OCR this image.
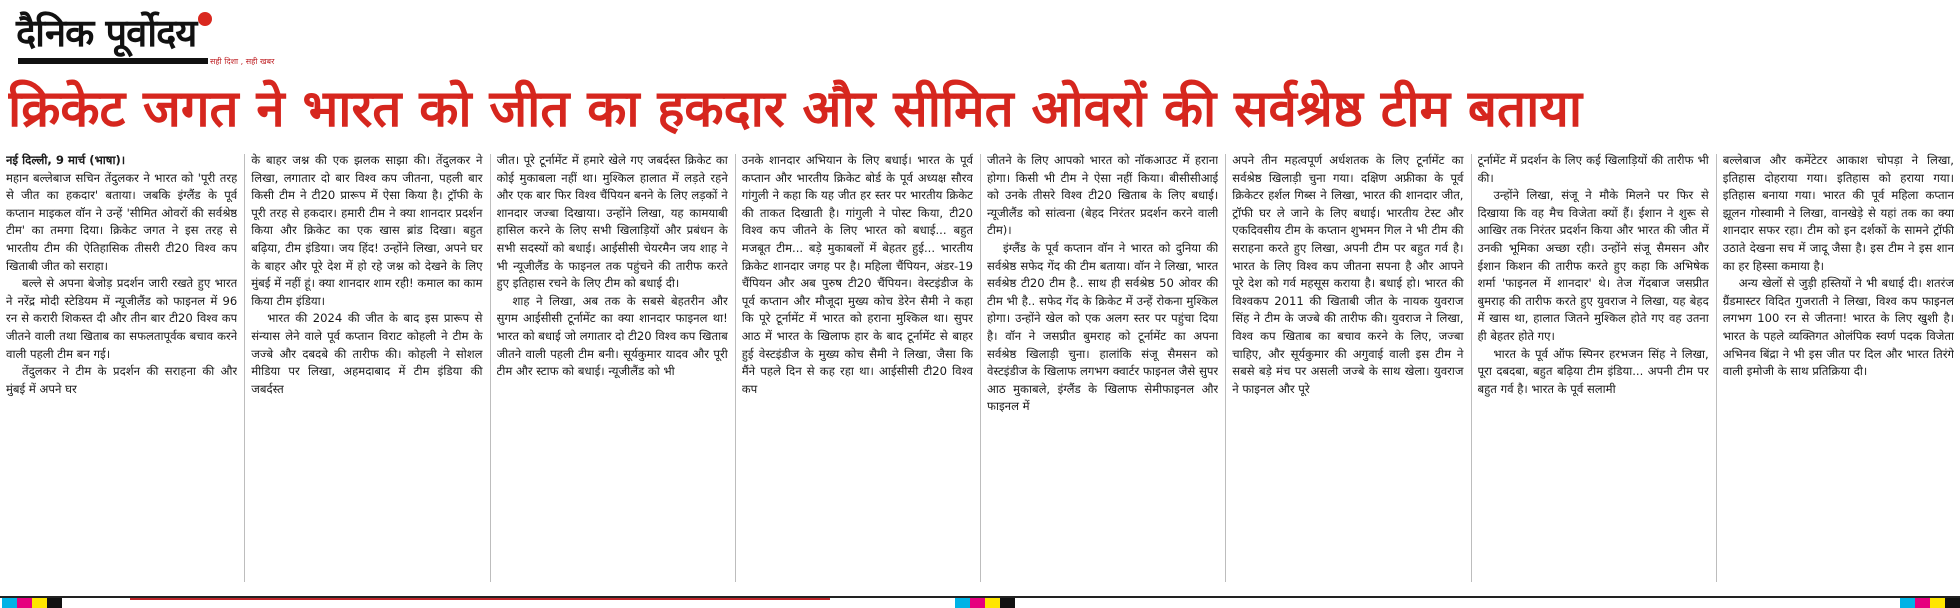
दैनिक पूर्वोदय
सही दिशा , सही खबर
क्रिकेट जगत ने भारत को जीत का हकदार और सीमित ओवरों की सर्वश्रेष्ठ टीम बताया

नई दिल्ली, 9 मार्च (भाषा)।
महान बल्लेबाज सचिन तेंदुलकर ने भारत को 'पूरी तरह से जीत का हकदार' बताया। जबकि इंग्लैंड के पूर्व कप्तान माइकल वॉन ने उन्हें 'सीमित ओवरों की सर्वश्रेष्ठ टीम' का तमगा दिया। क्रिकेट जगत ने इस तरह से भारतीय टीम की ऐतिहासिक तीसरी टी20 विश्व कप खिताबी जीत को सराहा।

बल्ले से अपना बेजोड़ प्रदर्शन जारी रखते हुए भारत ने नरेंद्र मोदी स्टेडियम में न्यूजीलैंड को फाइनल में 96 रन से करारी शिकस्त दी और तीन बार टी20 विश्व कप जीतने वाली तथा खिताब का सफलतापूर्वक बचाव करने वाली पहली टीम बन गई।

तेंदुलकर ने टीम के प्रदर्शन की सराहना की और मुंबई में अपने घर

के बाहर जश्न की एक झलक साझा की। तेंदुलकर ने लिखा, लगातार दो बार विश्व कप जीतना, पहली बार किसी टीम ने टी20 प्रारूप में ऐसा किया है। ट्रॉफी के पूरी तरह से हकदार। हमारी टीम ने क्या शानदार प्रदर्शन किया और क्रिकेट का एक खास ब्रांड दिखा। बहुत बढ़िया, टीम इंडिया। जय हिंद! उन्होंने लिखा, अपने घर के बाहर और पूरे देश में हो रहे जश्न को देखने के लिए मुंबई में नहीं हूं। क्या शानदार शाम रही! कमाल का काम किया टीम इंडिया।

भारत की 2024 की जीत के बाद इस प्रारूप से संन्यास लेने वाले पूर्व कप्तान विराट कोहली ने टीम के जज्बे और दबदबे की तारीफ की। कोहली ने सोशल मीडिया पर लिखा, अहमदाबाद में टीम इंडिया की जबर्दस्त

जीत। पूरे टूर्नामेंट में हमारे खेले गए जबर्दस्त क्रिकेट का कोई मुकाबला नहीं था। मुश्किल हालात में लड़ते रहने और एक बार फिर विश्व चैंपियन बनने के लिए लड़कों ने शानदार जज्बा दिखाया। उन्होंने लिखा, यह कामयाबी हासिल करने के लिए सभी खिलाड़ियों और प्रबंधन के सभी सदस्यों को बधाई। आईसीसी चेयरमैन जय शाह ने भी न्यूजीलैंड के फाइनल तक पहुंचने की तारीफ करते हुए इतिहास रचने के लिए टीम को बधाई दी।

शाह ने लिखा, अब तक के सबसे बेहतरीन और सुगम आईसीसी टूर्नामेंट का क्या शानदार फाइनल था! भारत को बधाई जो लगातार दो टी20 विश्व कप खिताब जीतने वाली पहली टीम बनी। सूर्यकुमार यादव और पूरी टीम और स्टाफ को बधाई। न्यूजीलैंड को भी

उनके शानदार अभियान के लिए बधाई। भारत के पूर्व कप्तान और भारतीय क्रिकेट बोर्ड के पूर्व अध्यक्ष सौरव गांगुली ने कहा कि यह जीत हर स्तर पर भारतीय क्रिकेट की ताकत दिखाती है। गांगुली ने पोस्ट किया, टी20 विश्व कप जीतने के लिए भारत को बधाई... बहुत मजबूत टीम... बड़े मुकाबलों में बेहतर हुई... भारतीय क्रिकेट शानदार जगह पर है। महिला चैंपियन, अंडर-19 चैंपियन और अब पुरुष टी20 चैंपियन। वेस्टइंडीज के पूर्व कप्तान और मौजूदा मुख्य कोच डेरेन सैमी ने कहा कि पूरे टूर्नामेंट में भारत को हराना मुश्किल था। सुपर आठ में भारत के खिलाफ हार के बाद टूर्नामेंट से बाहर हुई वेस्टइंडीज के मुख्य कोच सैमी ने लिखा, जैसा कि मैंने पहले दिन से कह रहा था। आईसीसी टी20 विश्व कप

जीतने के लिए आपको भारत को नॉकआउट में हराना होगा। किसी भी टीम ने ऐसा नहीं किया। बीसीसीआई को उनके तीसरे विश्व टी20 खिताब के लिए बधाई। न्यूजीलैंड को सांत्वना (बेहद निरंतर प्रदर्शन करने वाली टीम)।

इंग्लैंड के पूर्व कप्तान वॉन ने भारत को दुनिया की सर्वश्रेष्ठ सफेद गेंद की टीम बताया। वॉन ने लिखा, भारत सर्वश्रेष्ठ टी20 टीम है.. साथ ही सर्वश्रेष्ठ 50 ओवर की टीम भी है.. सफेद गेंद के क्रिकेट में उन्हें रोकना मुश्किल होगा। उन्होंने खेल को एक अलग स्तर पर पहुंचा दिया है। वॉन ने जसप्रीत बुमराह को टूर्नामेंट का अपना सर्वश्रेष्ठ खिलाड़ी चुना। हालांकि संजू सैमसन को वेस्टइंडीज के खिलाफ लगभग क्वार्टर फाइनल जैसे सुपर आठ मुकाबले, इंग्लैंड के खिलाफ सेमीफाइनल और फाइनल में

अपने तीन महत्वपूर्ण अर्धशतक के लिए टूर्नामेंट का सर्वश्रेष्ठ खिलाड़ी चुना गया। दक्षिण अफ्रीका के पूर्व क्रिकेटर हर्शल गिब्स ने लिखा, भारत की शानदार जीत, ट्रॉफी घर ले जाने के लिए बधाई। भारतीय टेस्ट और एकदिवसीय टीम के कप्तान शुभमन गिल ने भी टीम की सराहना करते हुए लिखा, अपनी टीम पर बहुत गर्व है। भारत के लिए विश्व कप जीतना सपना है और आपने पूरे देश को गर्व महसूस कराया है। बधाई हो। भारत की विश्वकप 2011 की खिताबी जीत के नायक युवराज सिंह ने टीम के जज्बे की तारीफ की। युवराज ने लिखा, विश्व कप खिताब का बचाव करने के लिए, जज्बा चाहिए, और सूर्यकुमार की अगुवाई वाली इस टीम ने सबसे बड़े मंच पर असली जज्बे के साथ खेला। युवराज ने फाइनल और पूरे

टूर्नामेंट में प्रदर्शन के लिए कई खिलाड़ियों की तारीफ भी की।

उन्होंने लिखा, संजू ने मौके मिलने पर फिर से दिखाया कि वह मैच विजेता क्यों हैं। ईशान ने शुरू से आखिर तक निरंतर प्रदर्शन किया और भारत की जीत में उनकी भूमिका अच्छा रही। उन्होंने संजू सैमसन और ईशान किशन की तारीफ करते हुए कहा कि अभिषेक शर्मा 'फाइनल में शानदार' थे। तेज गेंदबाज जसप्रीत बुमराह की तारीफ करते हुए युवराज ने लिखा, यह बेहद में खास था, हालात जितने मुश्किल होते गए वह उतना ही बेहतर होते गए।

भारत के पूर्व ऑफ स्पिनर हरभजन सिंह ने लिखा, पूरा दबदबा, बहुत बढ़िया टीम इंडिया... अपनी टीम पर बहुत गर्व है। भारत के पूर्व सलामी

बल्लेबाज और कमेंटेटर आकाश चोपड़ा ने लिखा, इतिहास दोहराया गया। इतिहास को हराया गया। इतिहास बनाया गया। भारत की पूर्व महिला कप्तान झूलन गोस्वामी ने लिखा, वानखेड़े से यहां तक का क्या शानदार सफर रहा। टीम को इन दर्शकों के सामने ट्रॉफी उठाते देखना सच में जादू जैसा है। इस टीम ने इस शान का हर हिस्सा कमाया है।

अन्य खेलों से जुड़ी हस्तियों ने भी बधाई दी। शतरंज ग्रैंडमास्टर विदित गुजराती ने लिखा, विश्व कप फाइनल लगभग 100 रन से जीतना! भारत के लिए खुशी है। भारत के पहले व्यक्तिगत ओलंपिक स्वर्ण पदक विजेता अभिनव बिंद्रा ने भी इस जीत पर दिल और भारत तिरंगे वाली इमोजी के साथ प्रतिक्रिया दी।
